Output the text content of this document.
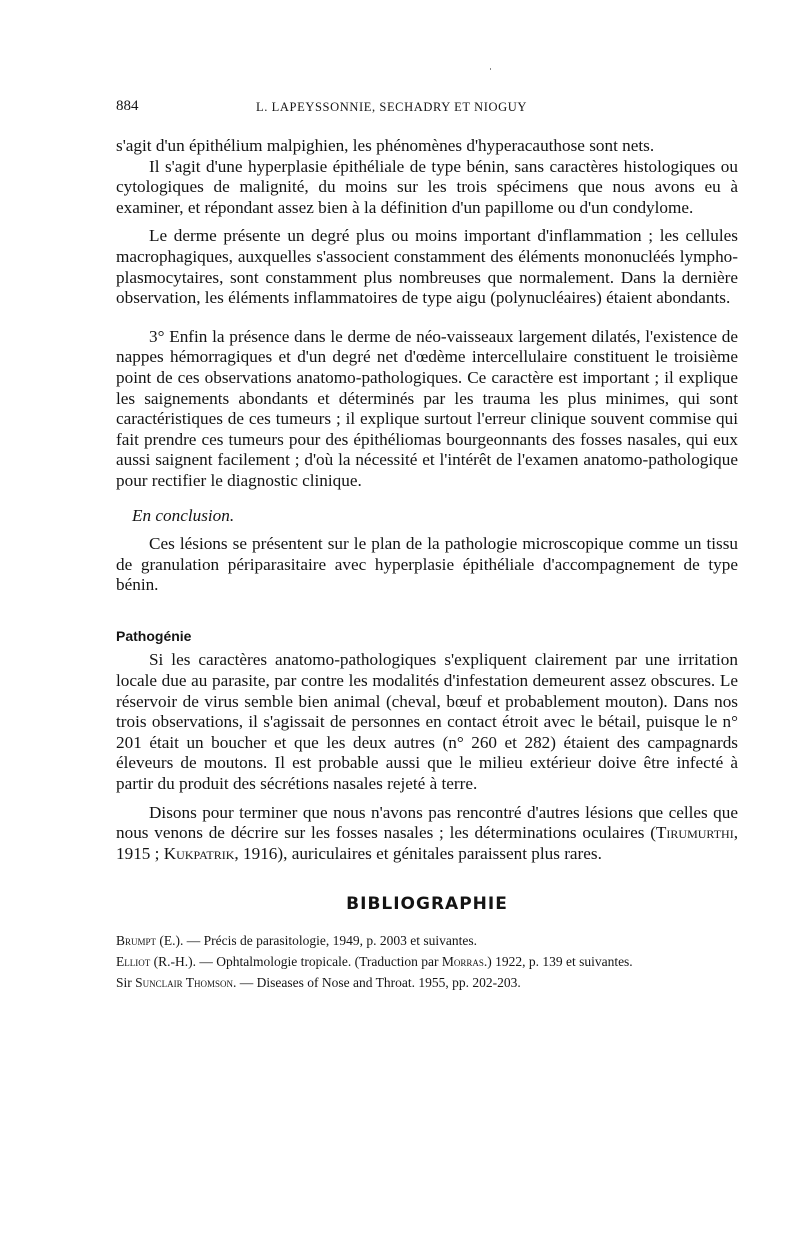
884	L. LAPEYSSONNIE, SECHADRY ET NIOGUY

s'agit d'un épithélium malpighien, les phénomènes d'hyperacauthose sont nets.

Il s'agit d'une hyperplasie épithéliale de type bénin, sans caractères histologiques ou cytologiques de malignité, du moins sur les trois spécimens que nous avons eu à examiner, et répondant assez bien à la définition d'un papillome ou d'un condylome.

Le derme présente un degré plus ou moins important d'inflammation ; les cellules macrophagiques, auxquelles s'associent constamment des éléments mononucléés lympho-plasmocytaires, sont constamment plus nombreuses que normalement. Dans la dernière observation, les éléments inflammatoires de type aigu (polynucléaires) étaient abondants.

3° Enfin la présence dans le derme de néo-vaisseaux largement dilatés, l'existence de nappes hémorragiques et d'un degré net d'œdème intercellulaire constituent le troisième point de ces observations anatomo-pathologiques. Ce caractère est important ; il explique les saignements abondants et déterminés par les trauma les plus minimes, qui sont caractéristiques de ces tumeurs ; il explique surtout l'erreur clinique souvent commise qui fait prendre ces tumeurs pour des épithéliomas bourgeonnants des fosses nasales, qui eux aussi saignent facilement ; d'où la nécessité et l'intérêt de l'examen anatomo-pathologique pour rectifier le diagnostic clinique.

En conclusion.

Ces lésions se présentent sur le plan de la pathologie microscopique comme un tissu de granulation périparasitaire avec hyperplasie épithéliale d'accompagnement de type bénin.

Pathogénie

Si les caractères anatomo-pathologiques s'expliquent clairement par une irritation locale due au parasite, par contre les modalités d'infestation demeurent assez obscures. Le réservoir de virus semble bien animal (cheval, bœuf et probablement mouton). Dans nos trois observations, il s'agissait de personnes en contact étroit avec le bétail, puisque le n° 201 était un boucher et que les deux autres (n° 260 et 282) étaient des campagnards éleveurs de moutons. Il est probable aussi que le milieu extérieur doive être infecté à partir du produit des sécrétions nasales rejeté à terre.

Disons pour terminer que nous n'avons pas rencontré d'autres lésions que celles que nous venons de décrire sur les fosses nasales ; les déterminations oculaires (Tirumurthi, 1915 ; Kukpatrik, 1916), auriculaires et génitales paraissent plus rares.

BIBLIOGRAPHIE

Brumpt (E.). — Précis de parasitologie, 1949, p. 2003 et suivantes.

Elliot (R.-H.). — Ophtalmologie tropicale. (Traduction par Morras.) 1922, p. 139 et suivantes.

Sir Sunclair Thomson. — Diseases of Nose and Throat. 1955, pp. 202-203.
